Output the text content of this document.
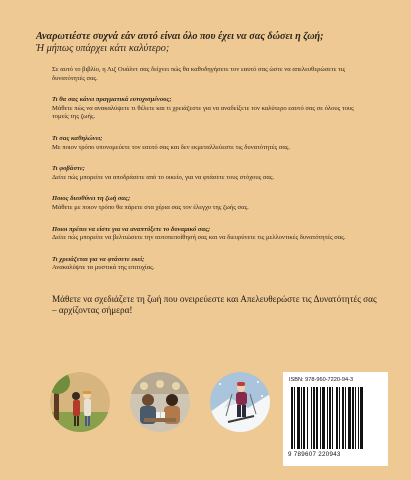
Αναρωτιέστε συχνά εάν αυτό είναι όλο που έχει να σας δώσει η ζωή;
Ή μήπως υπάρχει κάτι καλύτερο;

Σε αυτό το βιβλίο, η Λιζ Ουάλντ σας δείχνει πώς θα καθοδηγήσετε τον εαυτό σας ώστε να απελευθερώσετε τις δυνατότητές σας.

Τι θα σας κάνει πραγματικά ευτυχισμένους;
Μάθετε πώς να ανακαλύψετε τι θέλετε και τι χρειάζεστε για να αναδείξετε τον καλύτερο εαυτό σας σε όλους τους τομείς της ζωής.
Τι σας καθηλώνει;
Με ποιον τρόπο υπονομεύετε τον εαυτό σας και δεν εκμεταλλεύεστε τις δυνατότητές σας.
Τι φοβάστε;
Δείτε πώς μπορείτε να αποδράσετε από το οικείο, για να φτάσετε τους στόχους σας.
Ποιος διευθύνει τη ζωή σας;
Μάθετε με ποιον τρόπο θα πάρετε στα χέρια σας τον έλεγχο της ζωής σας.
Ποιοι πρέπει να είστε για να αναπτύξετε το δυναμικό σας;
Δείτε πώς μπορείτε να βελτιώσετε την αυτοπεποίθησή σας και να διευρύνετε τις μελλοντικές δυνατότητές σας.
Τι χρειάζεται για να φτάσετε εκεί;
Ανακαλύψτε τα μυστικά της επιτυχίας.
Μάθετε να σχεδιάζετε τη ζωή που ονειρεύεστε και Απελευθερώστε τις Δυνατότητές σας – αρχίζοντας σήμερα!
ISBN: 978-960-7220-94-3
9 789607 220943
